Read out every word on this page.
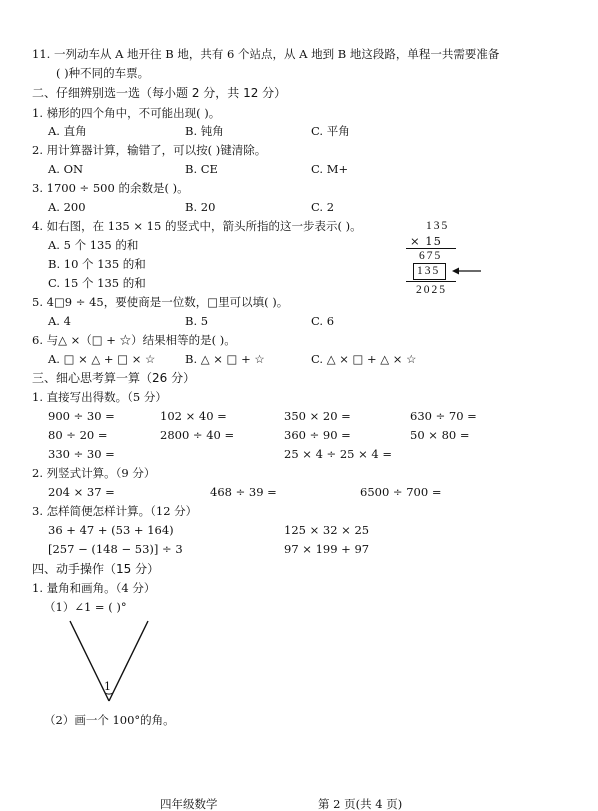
11. 一列动车从 A 地开往 B 地，共有 6 个站点，从 A 地到 B 地这段路，单程一共需要准备
( )种不同的车票。
二、仔细辨别选一选（每小题 2 分，共 12 分）
1. 梯形的四个角中，不可能出现( )。
A. 直角	B. 钝角	C. 平角
2. 用计算器计算，输错了，可以按( )键清除。
A. ON	B. CE	C. M+
3. 1700 ÷ 500 的余数是( )。
A. 200	B. 20	C. 2
4. 如右图，在 135 × 15 的竖式中，箭头所指的这一步表示( )。
A. 5 个 135 的和
B. 10 个 135 的和
C. 15 个 135 的和
135
× 15
675
135
2025
5. 4□9 ÷ 45，要使商是一位数，□里可以填( )。
A. 4	B. 5	C. 6
6. 与△ ×（□ + ☆）结果相等的是( )。
A. □ × △ + □ × ☆	B. △ × □ + ☆	C. △ × □ + △ × ☆
三、细心思考算一算（26 分）
1. 直接写出得数。（5 分）
900 ÷ 30 =	102 × 40 =	350 × 20 =	630 ÷ 70 =
80 ÷ 20 =	2800 ÷ 40 =	360 ÷ 90 =	50 × 80 =
330 ÷ 30 =	25 × 4 ÷ 25 × 4 =
2. 列竖式计算。（9 分）
204 × 37 =	468 ÷ 39 =	6500 ÷ 700 =
3. 怎样简便怎样计算。（12 分）
36 + 47 + (53 + 164)	125 × 32 × 25
[257 − (148 − 53)] ÷ 3	97 × 199 + 97
四、动手操作（15 分）
1. 量角和画角。（4 分）
（1）∠1 = ( )°
1
（2）画一个 100°的角。
四年级数学	第 2 页(共 4 页)
